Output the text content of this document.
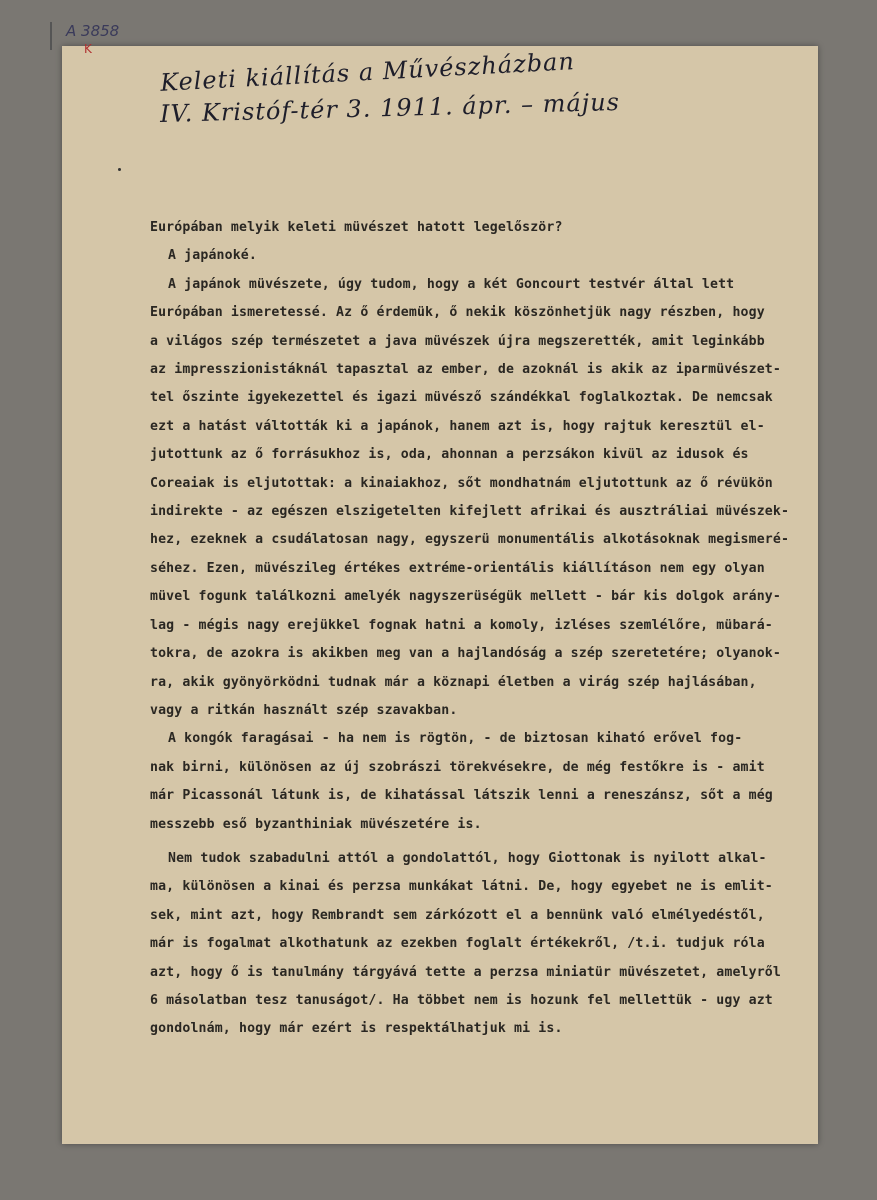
A 3858
K	Keleti kiállítás a Művészházban
IV. Kristóf-tér 3. 1911. ápr. – május
Európában melyik keleti müvészet hatott legelőször?
A japánoké.
A japánok müvészete, úgy tudom, hogy a két Goncourt testvér által lett
Európában ismeretessé. Az ő érdemük, ő nekik köszönhetjük nagy részben, hogy
a világos szép természetet a java müvészek újra megszerették, amit leginkább
az impresszionistáknál tapasztal az ember, de azoknál is akik az iparmüvészet-
tel őszinte igyekezettel és igazi müvésző szándékkal foglalkoztak. De nemcsak
ezt a hatást váltották ki a japánok, hanem azt is, hogy rajtuk keresztül el-
jutottunk az ő forrásukhoz is, oda, ahonnan a perzsákon kivül az idusok és
Coreaiak is eljutottak: a kinaiakhoz, sőt mondhatnám eljutottunk az ő révükön
indirekte - az egészen elszigetelten kifejlett afrikai és ausztráliai müvészek-
hez, ezeknek a csudálatosan nagy, egyszerü monumentális alkotásoknak megismeré-
séhez. Ezen, müvészileg értékes extréme-orientális kiállításon nem egy olyan
müvel fogunk találkozni amelyék nagyszerüségük mellett - bár kis dolgok arány-
lag - mégis nagy erejükkel fognak hatni a komoly, izléses szemlélőre, mübará-
tokra, de azokra is akikben meg van a hajlandóság a szép szeretetére; olyanok-
ra, akik gyönyörködni tudnak már a köznapi életben a virág szép hajlásában,
vagy a ritkán használt szép szavakban.
A kongók faragásai - ha nem is rögtön, - de biztosan kiható erővel fog-
nak birni, különösen az új szobrászi törekvésekre, de még festőkre is - amit
már Picassonál látunk is, de kihatással látszik lenni a reneszánsz, sőt a még
messzebb eső byzanthiniak müvészetére is.
Nem tudok szabadulni attól a gondolattól, hogy Giottonak is nyilott alkal-
ma, különösen a kinai és perzsa munkákat látni. De, hogy egyebet ne is emlit-
sek, mint azt, hogy Rembrandt sem zárkózott el a bennünk való elmélyedéstől,
már is fogalmat alkothatunk az ezekben foglalt értékekről, /t.i. tudjuk róla
azt, hogy ő is tanulmány tárgyává tette a perzsa miniatür müvészetet, amelyről
6 másolatban tesz tanuságot/. Ha többet nem is hozunk fel mellettük - ugy azt
gondolnám, hogy már ezért is respektálhatjuk mi is.
